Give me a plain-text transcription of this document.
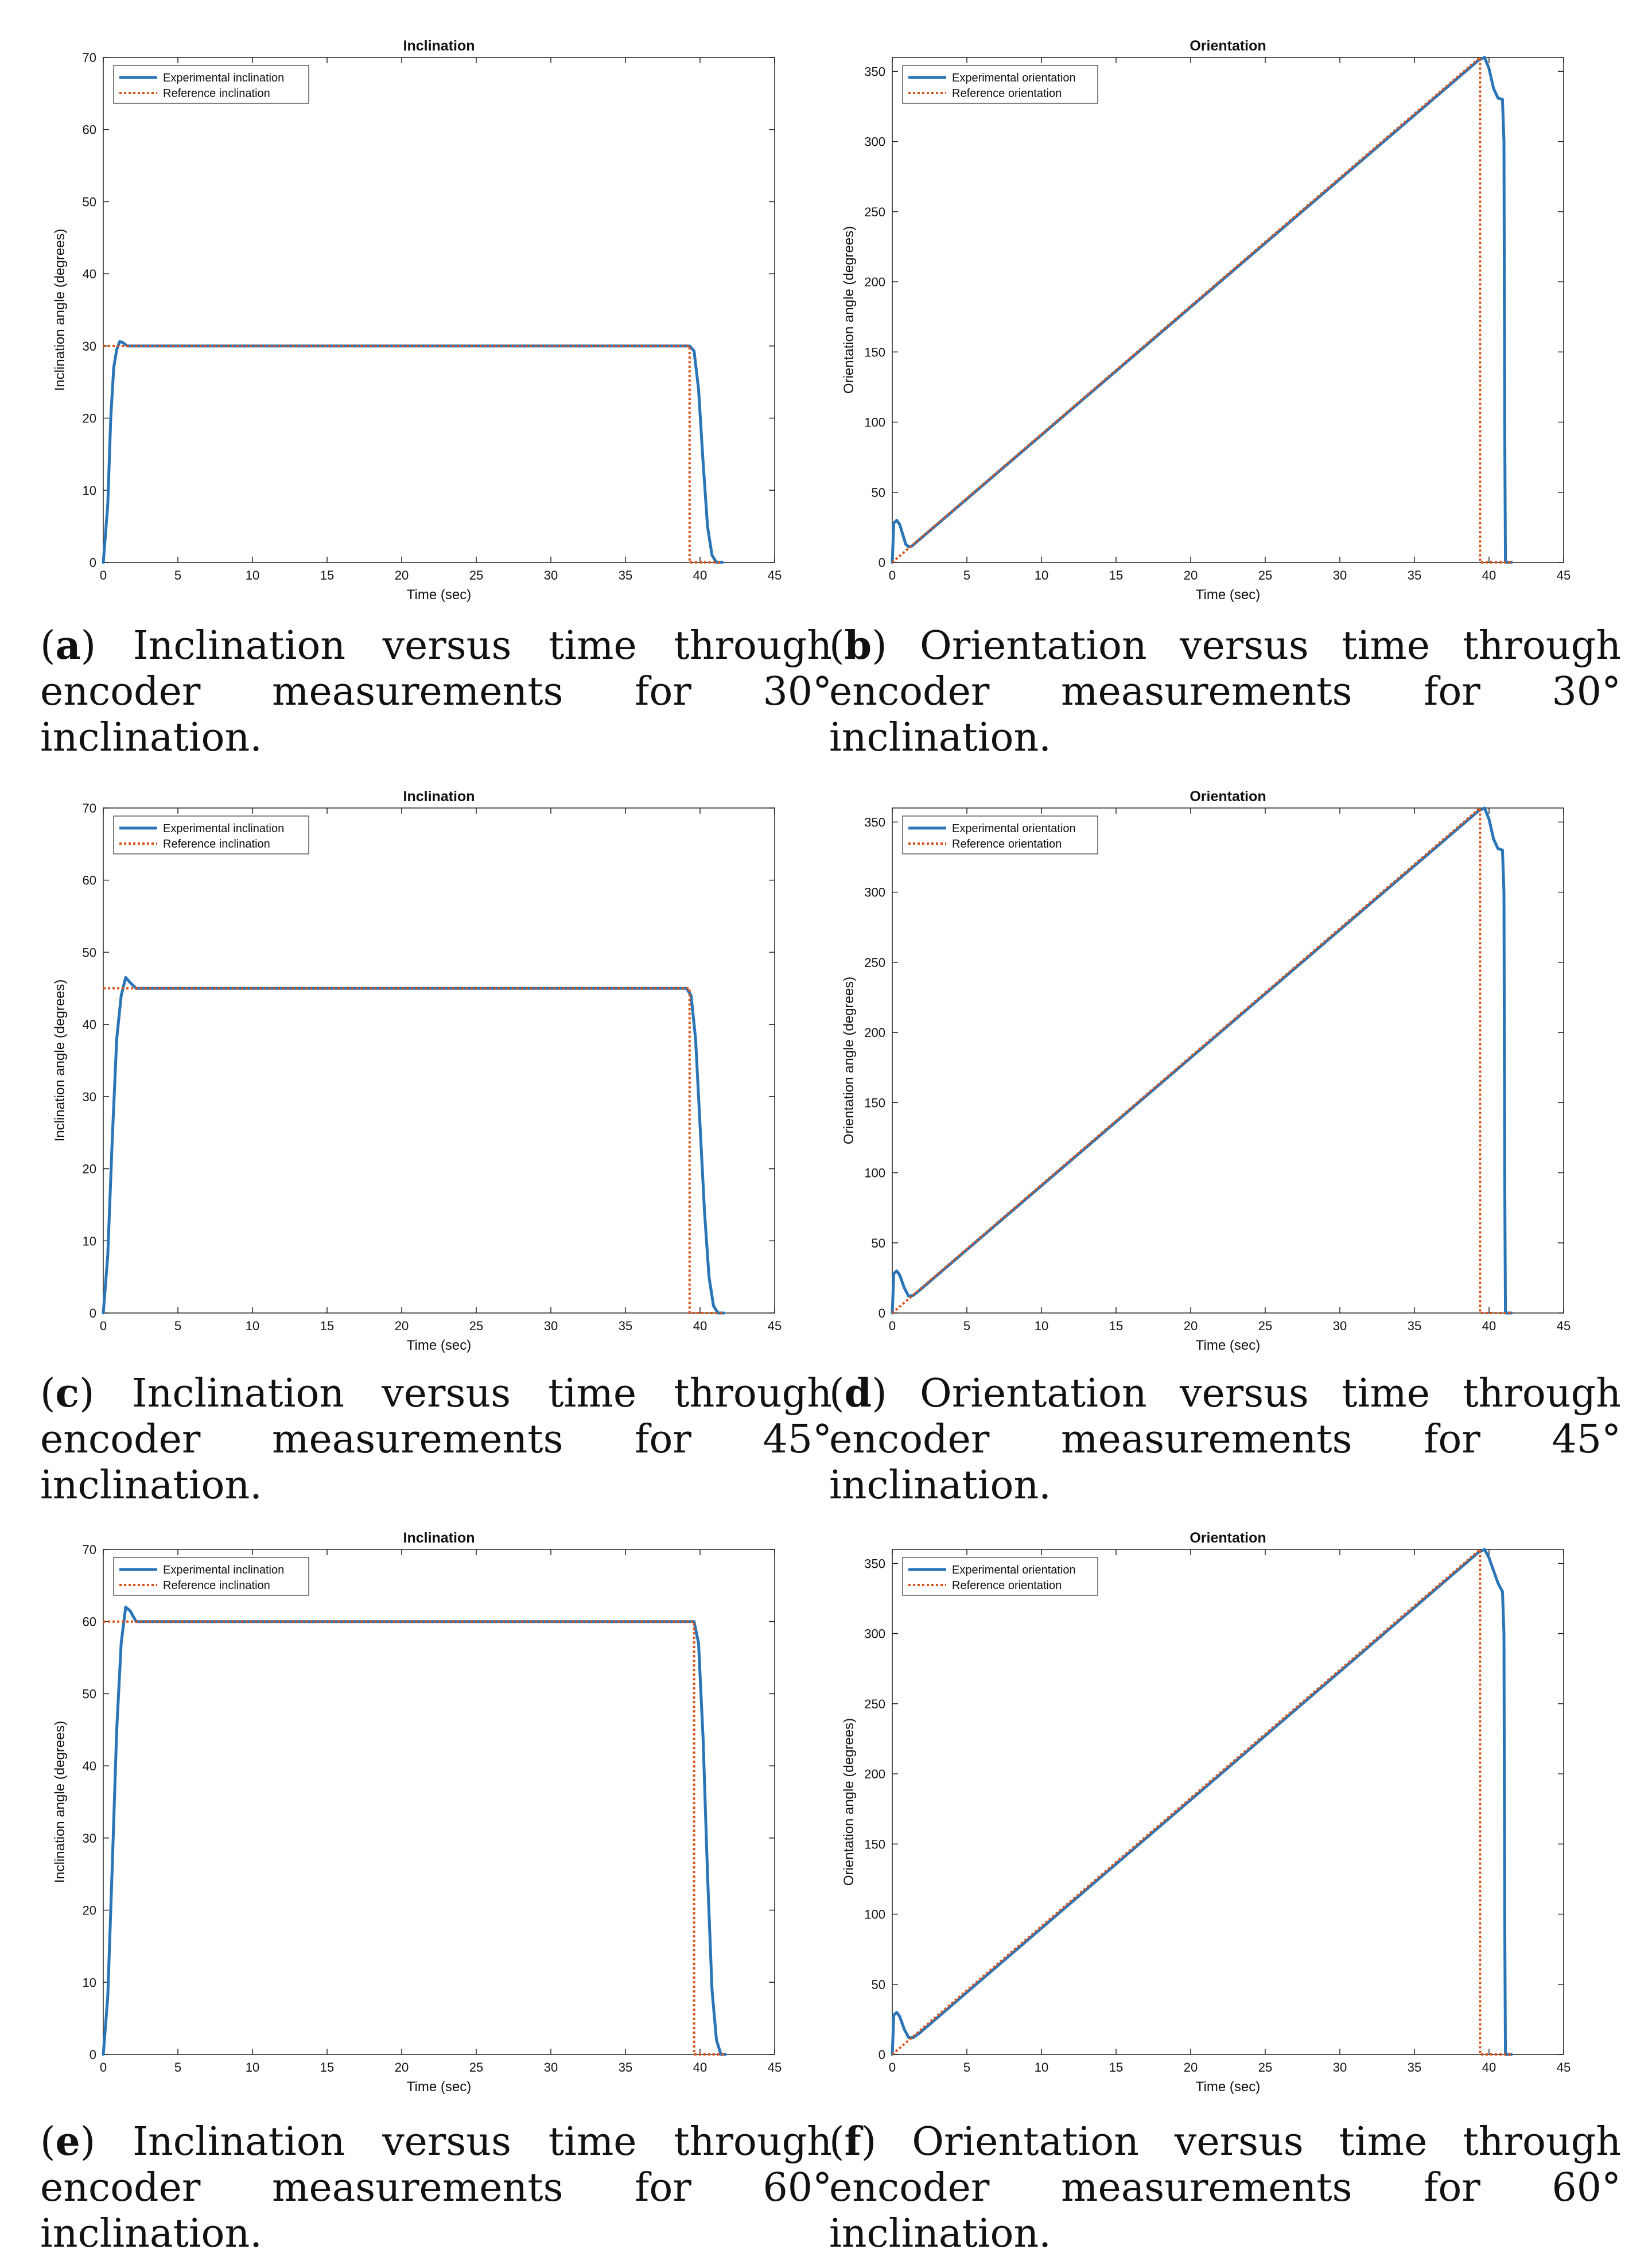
Inclination
0	5	10	15	20	25	30	35	40	45
0
10
20
30
40
50
60
70
Time (sec)
Inclination angle (degrees)
Experimental inclination
Reference inclination
(a) Inclination versus time through encoder measurements for 30° inclination.
Orientation
0	5	10	15	20	25	30	35	40	45
0
50
100
150
200
250
300
350
Time (sec)
Orientation angle (degrees)
Experimental orientation
Reference orientation
(b) Orientation versus time through encoder measurements for 30° inclination.
Inclination
0	5	10	15	20	25	30	35	40	45
0
10
20
30
40
50
60
70
Time (sec)
Inclination angle (degrees)
Experimental inclination
Reference inclination
(c) Inclination versus time through encoder measurements for 45° inclination.
Orientation
0	5	10	15	20	25	30	35	40	45
0
50
100
150
200
250
300
350
Time (sec)
Orientation angle (degrees)
Experimental orientation
Reference orientation
(d) Orientation versus time through encoder measurements for 45° inclination.
Inclination
0	5	10	15	20	25	30	35	40	45
0
10
20
30
40
50
60
70
Time (sec)
Inclination angle (degrees)
Experimental inclination
Reference inclination
(e) Inclination versus time through encoder measurements for 60° inclination.
Orientation
0	5	10	15	20	25	30	35	40	45
0
50
100
150
200
250
300
350
Time (sec)
Orientation angle (degrees)
Experimental orientation
Reference orientation
(f) Orientation versus time through encoder measurements for 60° inclination.
